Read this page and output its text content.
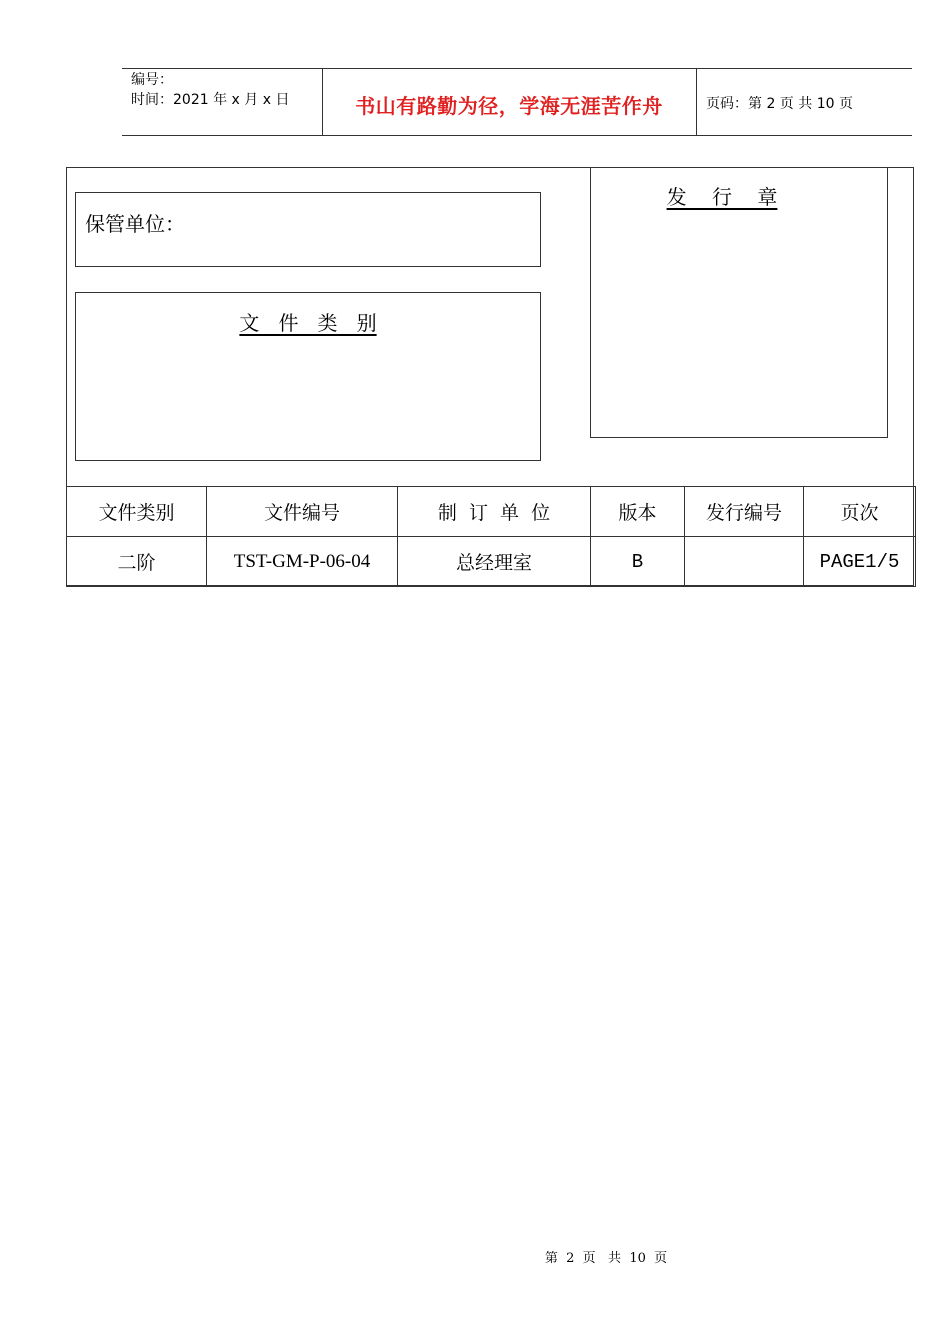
编号：
时间：2021 年 x 月 x 日	书山有路勤为径，学海无涯苦作舟	页码：第 2 页 共 10 页
保管单位：
文   件   类   别
发    行    章
文件类别	文件编号	制  订  单  位	版本	发行编号	页次
二阶	TST-GM-P-06-04	总经理室	B		PAGE1/5
第  2  页   共  10  页
